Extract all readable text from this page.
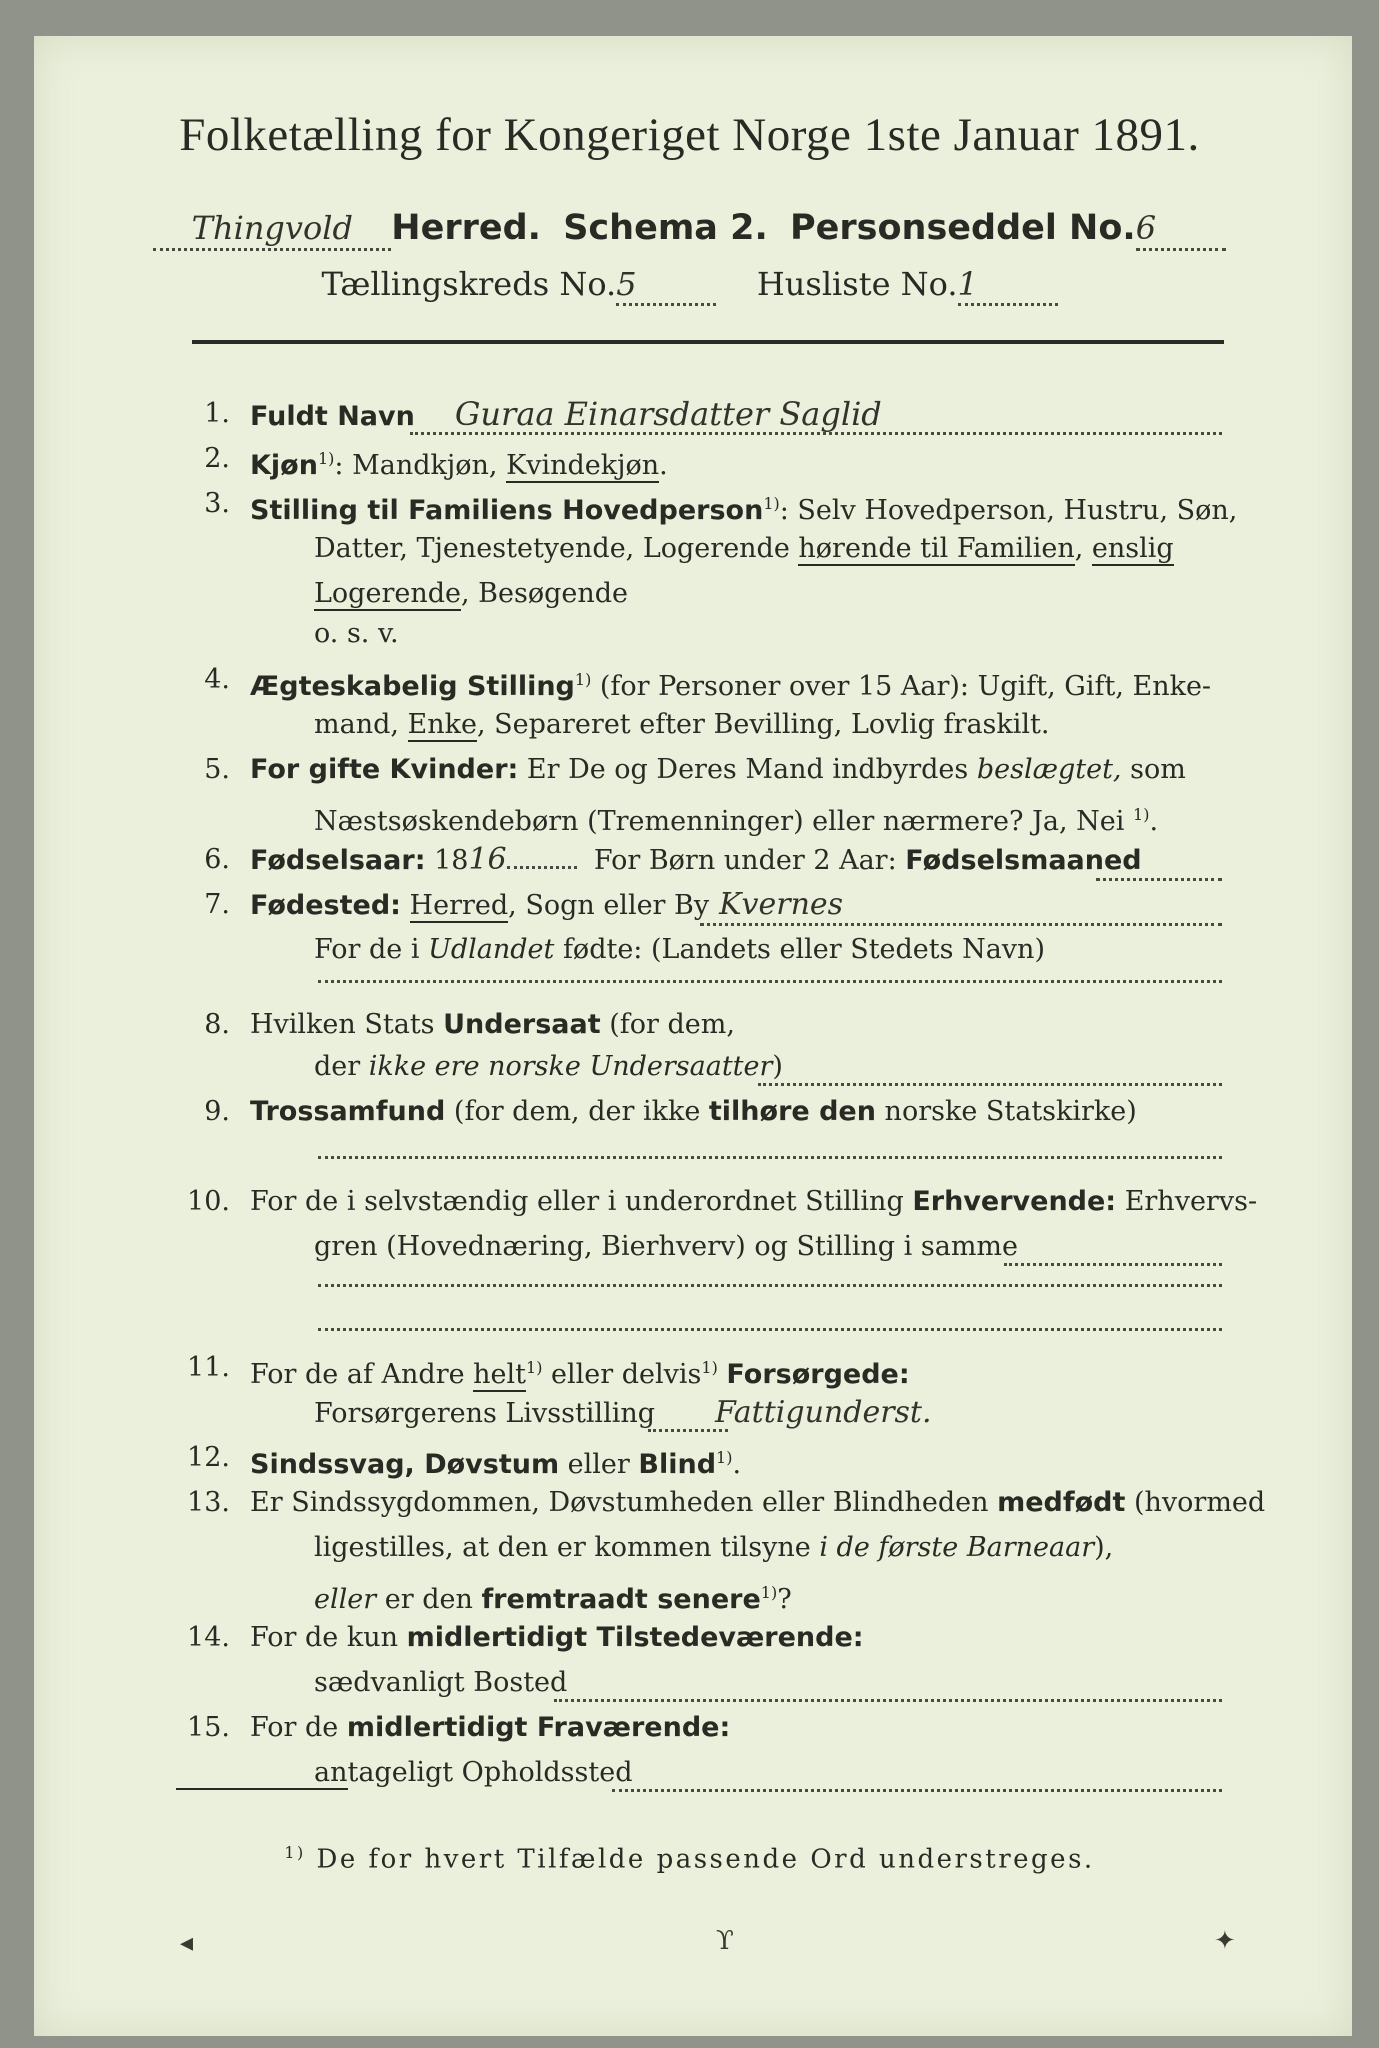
Folketælling for Kongeriget Norge 1ste Januar 1891.
Thingvold Herred. Schema 2. Personseddel No.6
Tællingskreds No.5	Husliste No.1
1. Fuldt Navn Guraa Einarsdatter Saglid
2. Kjøn$^{1)}$: Mandkjøn, Kvindekjøn.
3. Stilling til Familiens Hovedperson$^{1)}$: Selv Hovedperson, Hustru, Søn,
Datter, Tjenestetyende, Logerende hørende til Familien, enslig
Logerende, Besøgende
o. s. v.
4. Ægteskabelig Stilling$^{1)}$ (for Personer over 15 Aar): Ugift, Gift, Enke-
mand, Enke, Separeret efter Bevilling, Lovlig fraskilt.
5. For gifte Kvinder: Er De og Deres Mand indbyrdes beslægtet, som
Næstsøskendebørn (Tremenninger) eller nærmere? Ja, Nei $^{1)}$.
6. Fødselsaar: 1816	For Børn under 2 Aar: Fødselsmaaned
7. Fødested: Herred, Sogn eller By Kvernes
For de i Udlandet fødte: (Landets eller Stedets Navn)
8. Hvilken Stats Undersaat (for dem,
der ikke ere norske Undersaatter)
9. Trossamfund (for dem, der ikke tilhøre den norske Statskirke)
10. For de i selvstændig eller i underordnet Stilling Erhvervende: Erhvervs-
gren (Hovednæring, Bierhverv) og Stilling i samme
11. For de af Andre helt$^{1)}$ eller delvis$^{1)}$ Forsørgede:
Forsørgerens Livsstilling Fattigunderst.
12. Sindssvag, Døvstum eller Blind$^{1)}$.
13. Er Sindssygdommen, Døvstumheden eller Blindheden medfødt (hvormed
ligestilles, at den er kommen tilsyne i de første Barneaar),
eller er den fremtraadt senere$^{1)}$?
14. For de kun midlertidigt Tilstedeværende:
sædvanligt Bosted
15. For de midlertidigt Fraværende:
antageligt Opholdssted
$^{1)}$ De for hvert Tilfælde passende Ord understreges.
◂	ϒ	✦
